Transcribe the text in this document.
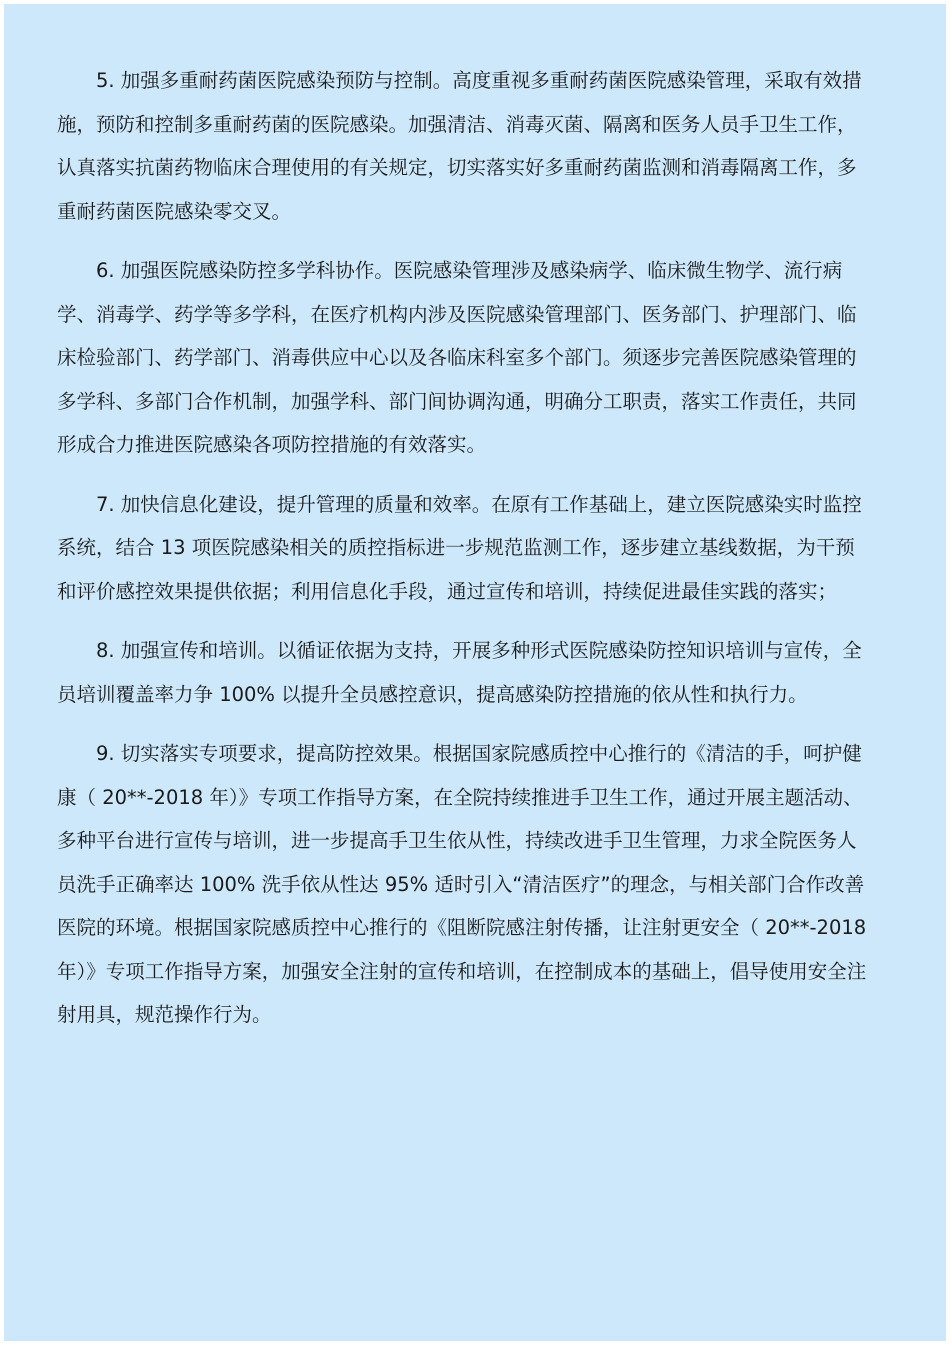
5. 加强多重耐药菌医院感染预防与控制。高度重视多重耐药菌医院感染管理，采取有效措施，预防和控制多重耐药菌的医院感染。加强清洁、消毒灭菌、隔离和医务人员手卫生工作，认真落实抗菌药物临床合理使用的有关规定，切实落实好多重耐药菌监测和消毒隔离工作，多重耐药菌医院感染零交叉。

6. 加强医院感染防控多学科协作。医院感染管理涉及感染病学、临床微生物学、流行病学、消毒学、药学等多学科，在医疗机构内涉及医院感染管理部门、医务部门、护理部门、临床检验部门、药学部门、消毒供应中心以及各临床科室多个部门。须逐步完善医院感染管理的多学科、多部门合作机制，加强学科、部门间协调沟通，明确分工职责，落实工作责任，共同形成合力推进医院感染各项防控措施的有效落实。

7. 加快信息化建设，提升管理的质量和效率。在原有工作基础上，建立医院感染实时监控系统，结合 13 项医院感染相关的质控指标进一步规范监测工作，逐步建立基线数据，为干预和评价感控效果提供依据；利用信息化手段，通过宣传和培训，持续促进最佳实践的落实；

8. 加强宣传和培训。以循证依据为支持，开展多种形式医院感染防控知识培训与宣传，全员培训覆盖率力争 100% 以提升全员感控意识，提高感染防控措施的依从性和执行力。

9. 切实落实专项要求，提高防控效果。根据国家院感质控中心推行的《清洁的手，呵护健康（ 20**-2018 年）》专项工作指导方案，在全院持续推进手卫生工作，通过开展主题活动、多种平台进行宣传与培训，进一步提高手卫生依从性，持续改进手卫生管理，力求全院医务人员洗手正确率达 100% 洗手依从性达 95% 适时引入“清洁医疗”的理念，与相关部门合作改善医院的环境。根据国家院感质控中心推行的《阻断院感注射传播，让注射更安全（ 20**-2018 年）》专项工作指导方案，加强安全注射的宣传和培训，在控制成本的基础上，倡导使用安全注射用具，规范操作行为。
